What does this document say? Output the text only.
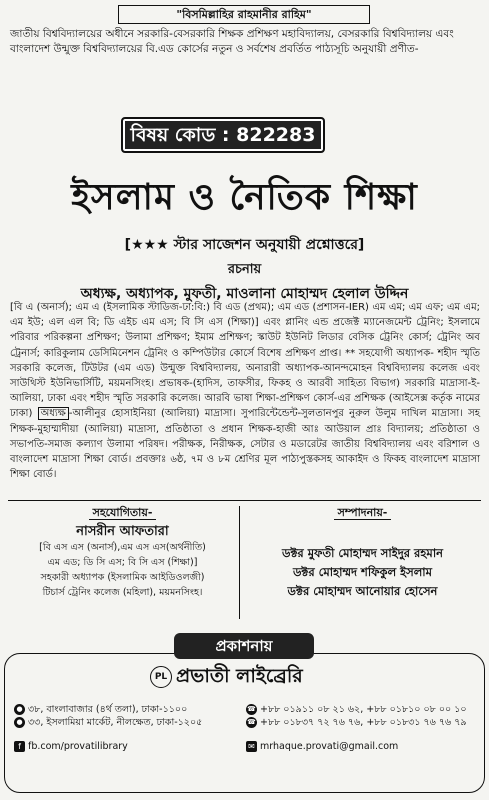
"বিসমিল্লাহির রাহমানীর রাহিম"
জাতীয় বিশ্ববিদ্যালয়ের অধীনে সরকারি-বেসরকারি শিক্ষক প্রশিক্ষণ মহাবিদ্যালয়, বেসরকারি বিশ্ববিদ্যালয় এবং বাংলাদেশ উন্মুক্ত বিশ্ববিদ্যালয়ের বি.এড কোর্সের নতুন ও সর্বশেষ প্রবর্তিত পাঠ্যসূচি অনুযায়ী প্রণীত-
বিষয় কোড : 822283
ইসলাম ও নৈতিক শিক্ষা
[★★★ স্টার সাজেশন অনুযায়ী প্রশ্নোত্তরে]
রচনায়
অধ্যক্ষ, অধ্যাপক, মুফতী, মাওলানা মোহাম্মদ হেলাল উদ্দিন
[বি এ (অনার্স); এম এ (ইসলামিক স্টাডিজ-ঢা:বি:) বি এড (প্রথম); এম এড (প্রশাসন-IER) এম এম; এম এফ; এম এম; এম ইউ; এল এল বি; ডি এইচ এম এস; বি সি এস (শিক্ষা)] এবং প্লানিং এন্ড প্রজেক্ট ম্যানেজমেন্ট ট্রেনিং; ইসলামে পরিবার পরিকল্পনা প্রশিক্ষণ; উলামা প্রশিক্ষণ; ইমাম প্রশিক্ষণ; স্কাউট ইউনিট লিডার বেসিক ট্রেনিং কোর্স; ট্রেনিং অব ট্রেনার্স; কারিকুলাম ডেসিমিনেশন ট্রেনিং ও কম্পিউটার কোর্সে বিশেষ প্রশিক্ষণ প্রাপ্ত। ** সহযোগী অধ্যাপক- শহীদ স্মৃতি সরকারি কলেজ, টিউটর (এম এড) উন্মুক্ত বিশ্ববিদ্যালয়, অনারারী অধ্যাপক-আনন্দমোহন বিশ্ববিদ্যালয় কলেজ এবং সাউথিস্ট ইউনিভার্সিটি, ময়মনসিংহ। প্রভাষক-(হাদিস, তাফসীর, ফিকহ ও আরবী সাহিত্য বিভাগ) সরকারি মাদ্রাসা-ই-আলিয়া, ঢাকা এবং শহীদ স্মৃতি সরকারি কলেজ। আরবি ভাষা শিক্ষা-প্রশিক্ষণ কোর্স-এর প্রশিক্ষক (আইসেক্স কর্তৃক নামের ঢাকা) অধ্যক্ষ -আলীনুর হোসাইনিয়া (আলিয়া) মাদ্রাসা। সুপারিন্টেন্ডেন্ট-সুলতানপুর নুরুল উলুম দাখিল মাদ্রাসা। সহ শিক্ষক-মুহাম্মাদীয়া (আলিয়া) মাদ্রাসা, প্রতিষ্ঠাতা ও প্রধান শিক্ষক-হাজী আঃ আউয়াল প্রাঃ বিদ্যালয়; প্রতিষ্ঠাতা ও সভাপতি-সমাজ কল্যাণ উলামা পরিষদ। পরীক্ষক, নিরীক্ষক, সেটার ও মডারেটর জাতীয় বিশ্ববিদ্যালয় এবং বরিশাল ও বাংলাদেশ মাদ্রাসা শিক্ষা বোর্ড। প্রবক্তাঃ ৬ষ্ঠ, ৭ম ও ৮ম শ্রেণির মূল পাঠ্যপুস্তকসহ আকাইদ ও ফিকহ বাংলাদেশ মাদ্রাসা শিক্ষা বোর্ড।
সহযোগিতায়-
নাসরীন আফতারা
[বি এস এস (অনার্স),এম এস এস(অর্থনীতি)
এম এড; ডি সি এস; বি সি এস (শিক্ষা)]
সহকারী অধ্যাপক (ইসলামিক আইডিওলজী)
টিচার্স ট্রেনিং কলেজ (মহিলা), ময়মনসিংহ।
সম্পাদনায়-
ডক্টর মুফতী মোহাম্মদ সাইদুর রহমান
ডক্টর মোহাম্মদ শফিকুল ইসলাম
ডক্টর মোহাম্মদ আনোয়ার হোসেন
প্রকাশনায়
PL প্রভাতী লাইব্রেরি
● ৩৮, বাংলাবাজার (৪র্থ তলা), ঢাকা-১১০০
● ৩৩, ইসলামিয়া মার্কেট, নীলক্ষেত, ঢাকা-১২০৫
☎ +৮৮ ০১৯১১ ০৮ ২১ ৬২, +৮৮ ০১৮১০ ০৮ ০০ ১০
☎ +৮৮ ০১৮৩৭ ৭২ ৭৬ ৭৬, +৮৮ ০১৮৩১ ৭৬ ৭৬ ৭৯
f fb.com/provatilibrary	✉ mrhaque.provati@gmail.com
